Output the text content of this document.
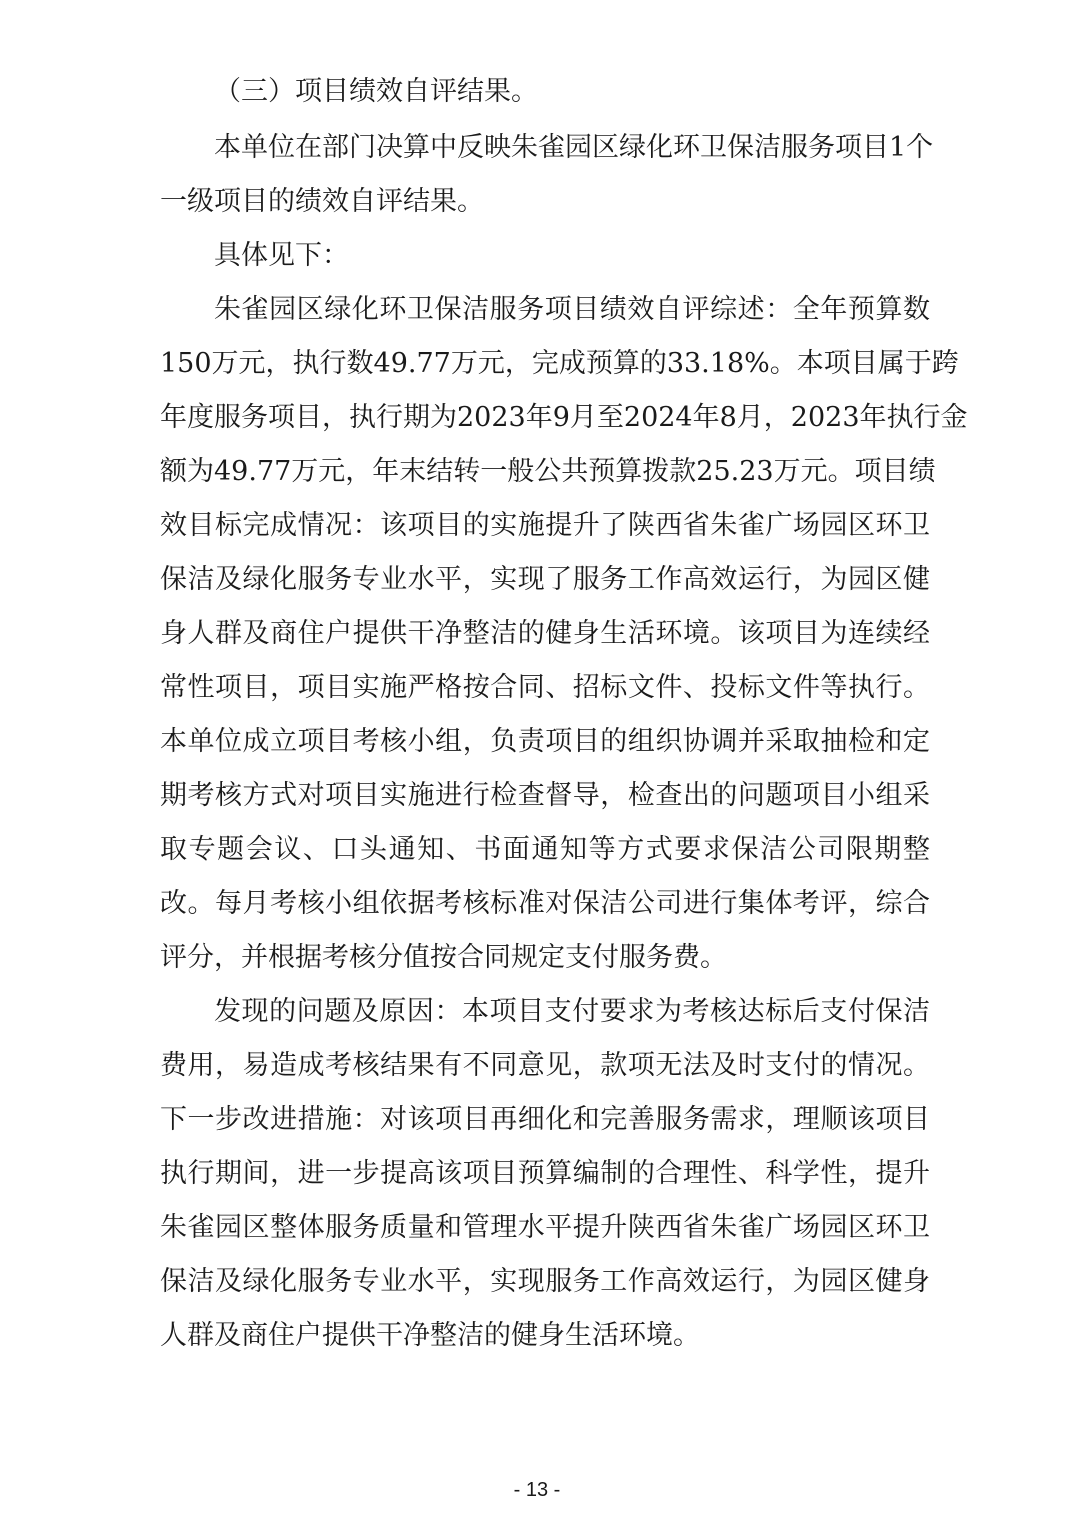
（三）项目绩效自评结果。
本单位在部门决算中反映朱雀园区绿化环卫保洁服务项目1个
一级项目的绩效自评结果。
具体见下：
朱雀园区绿化环卫保洁服务项目绩效自评综述：全年预算数
150万元，执行数49.77万元，完成预算的33.18%。本项目属于跨
年度服务项目，执行期为2023年9月至2024年8月，2023年执行金
额为49.77万元，年末结转一般公共预算拨款25.23万元。项目绩
效目标完成情况：该项目的实施提升了陕西省朱雀广场园区环卫
保洁及绿化服务专业水平，实现了服务工作高效运行，为园区健
身人群及商住户提供干净整洁的健身生活环境。该项目为连续经
常性项目，项目实施严格按合同、招标文件、投标文件等执行。
本单位成立项目考核小组，负责项目的组织协调并采取抽检和定
期考核方式对项目实施进行检查督导，检查出的问题项目小组采
取专题会议、口头通知、书面通知等方式要求保洁公司限期整
改。每月考核小组依据考核标准对保洁公司进行集体考评，综合
评分，并根据考核分值按合同规定支付服务费。
发现的问题及原因：本项目支付要求为考核达标后支付保洁
费用，易造成考核结果有不同意见，款项无法及时支付的情况。
下一步改进措施：对该项目再细化和完善服务需求，理顺该项目
执行期间，进一步提高该项目预算编制的合理性、科学性，提升
朱雀园区整体服务质量和管理水平提升陕西省朱雀广场园区环卫
保洁及绿化服务专业水平，实现服务工作高效运行，为园区健身
人群及商住户提供干净整洁的健身生活环境。
- 13 -
